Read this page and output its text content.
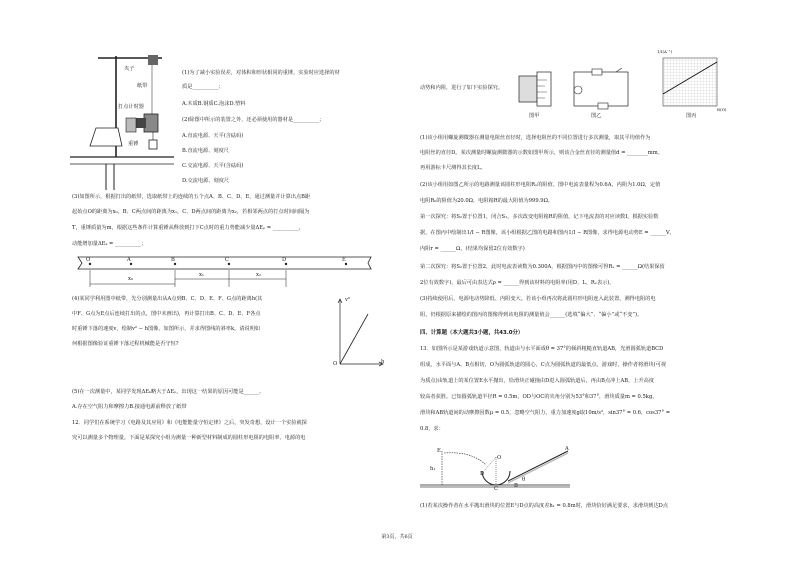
夹子
纸带
打点计时器
重锤
(1)为了减小实验误差，对体积和形状相同的重锤，实验时应选择的材
质是__________；
A.木质B.钢质C.泡沫D.塑料
(2)除图中所示的装置之外，还必须使用的器材是__________；
A.直流电源、天平(含砝码)
B.直流电源、刻度尺
C.交流电源、天平(含砝码)
D.交流电源、刻度尺
(3)如图所示，根据打出的纸带，选取纸带上的连续的五个点A、B、C、D、E，通过测量并计算出点B距
起始点O的距离为x₀，B、C两点间的距离为x₁，C、D两点间的距离为x₂，若相邻两点的打点时间间隔为
T，重锤质量为m，根据这些条件计算重锤从释放到打下C点时的重力势能减少量ΔEₚ = __________，
动能增加量ΔEₖ = __________；
O	A	B	C	D	E
x₀
x₁	x₂
(4)某同学利用图中纸带，先分别测量出从A点到B、C、D、E、F、G点的距离h(其
中F、G点为E点后连续打出的点，图中未画出)，再计算打出B、C、D、E、F各点
时重锤下落的速度v，绘制v² − h图像，如图所示，并求得图线的斜率k。请说明如
何根据图像验证重锤下落过程机械能是否守恒?
v²
h
O
(5)在一次测量中，某同学发现ΔEₖ略大于ΔEₚ，出现这一结果的原因可能是______。
A.存在空气阻力和摩擦力B.接通电源前释放了纸带
12．同学们在系统学习《电路及其应用》和《电能能量守恒定律》之后，突发奇想，设计一个实验就探
究可以测量多个物理量。下面是某探究小组为测量一种新型材料制成的圆柱形电阻的电阻率、电源的电
动势和内阻，进行了如下实验探究。
图甲	图乙
1/I(A⁻¹)
R(Ω)
图丙
(1)该小组用螺旋测微器在测量电阻丝直径时，选择电阻丝的不同位置进行多次测量，取其平均值作为
电阻丝的直径D。某次测量时螺旋测微器的示数如图甲所示，则该合金丝直径的测量值d = ________mm。
再用游标卡尺测得其长度L。
(2)该小组用如图乙所示的电路测量该圆柱形电阻Rₓ的阻值。图中电流表量程为0.6A，内阻为1.0Ω，定值
电阻R₀的阻值为20.0Ω，电阻箱R的最大阻值为999.9Ω。
第一次探究：将S₂置于位置1，闭合S₁，多次改变电阻箱R的阻值，记下电流表的对应读数I，根据实验数
据，在图丙中绘制出1/I − R图像，该小组根据乙图的电路和图丙1/I − R图像，求得电源电动势E = ______V，
内阻r = ______Ω。(结果均保留2位有效数字)
第二次探究：将S₂置于位置2，此时电流表读数为0.300A，根据图丙中的图像可得Rₓ = ______Ω(结果保留
2位有效数字)，最后可由表达式ρ = ______得到该材料的电阻率(用D、L、Rₓ表示)。
(3)持续使用后，电源电动势降低、内阻变大。若该小组再次将此圆柱形电阻连入此装置，测得电阻的电
阻，仍根据原来描绘的图丙的图像得到该电阻的测量值会______(选填“偏大”、“偏小”或“不变”)。
四、计算题（本大题共3小题，共43.0分）
13．如图所示是某游戏轨道示意图，轨道由与水平面成θ = 37°的倾斜粗糙直轨道AB，光滑圆弧轨道BCD
组成，水平面与A、B点相切，O为圆弧轨道的圆心，C点为圆弧轨道的最低点。游戏时，操作者将滑块(可视
为质点)由轨道上的某位置E水平抛出，恰滑块正碰撞由D进入圆弧轨道后，再由B点冲上AB，上升高度
较高者获胜。已知圆弧轨道半径R = 0.5m，OD与OC的夹角分别为53°和37°，滑块质量m = 0.5kg，
滑块和AB轨道间的动摩擦因数μ = 0.5，忽略空气阻力，重力加速度g取10m/s²，sin37° = 0.6，cos37° =
0.8，求：
A
E
O
D
B
C
h₁
θ
(1)若某次操作者在水平抛出滑块的位置E与D点的高度差h₁ = 0.8m时，滑块恰好满足要求，求滑块到达D点
第3页，共6页
